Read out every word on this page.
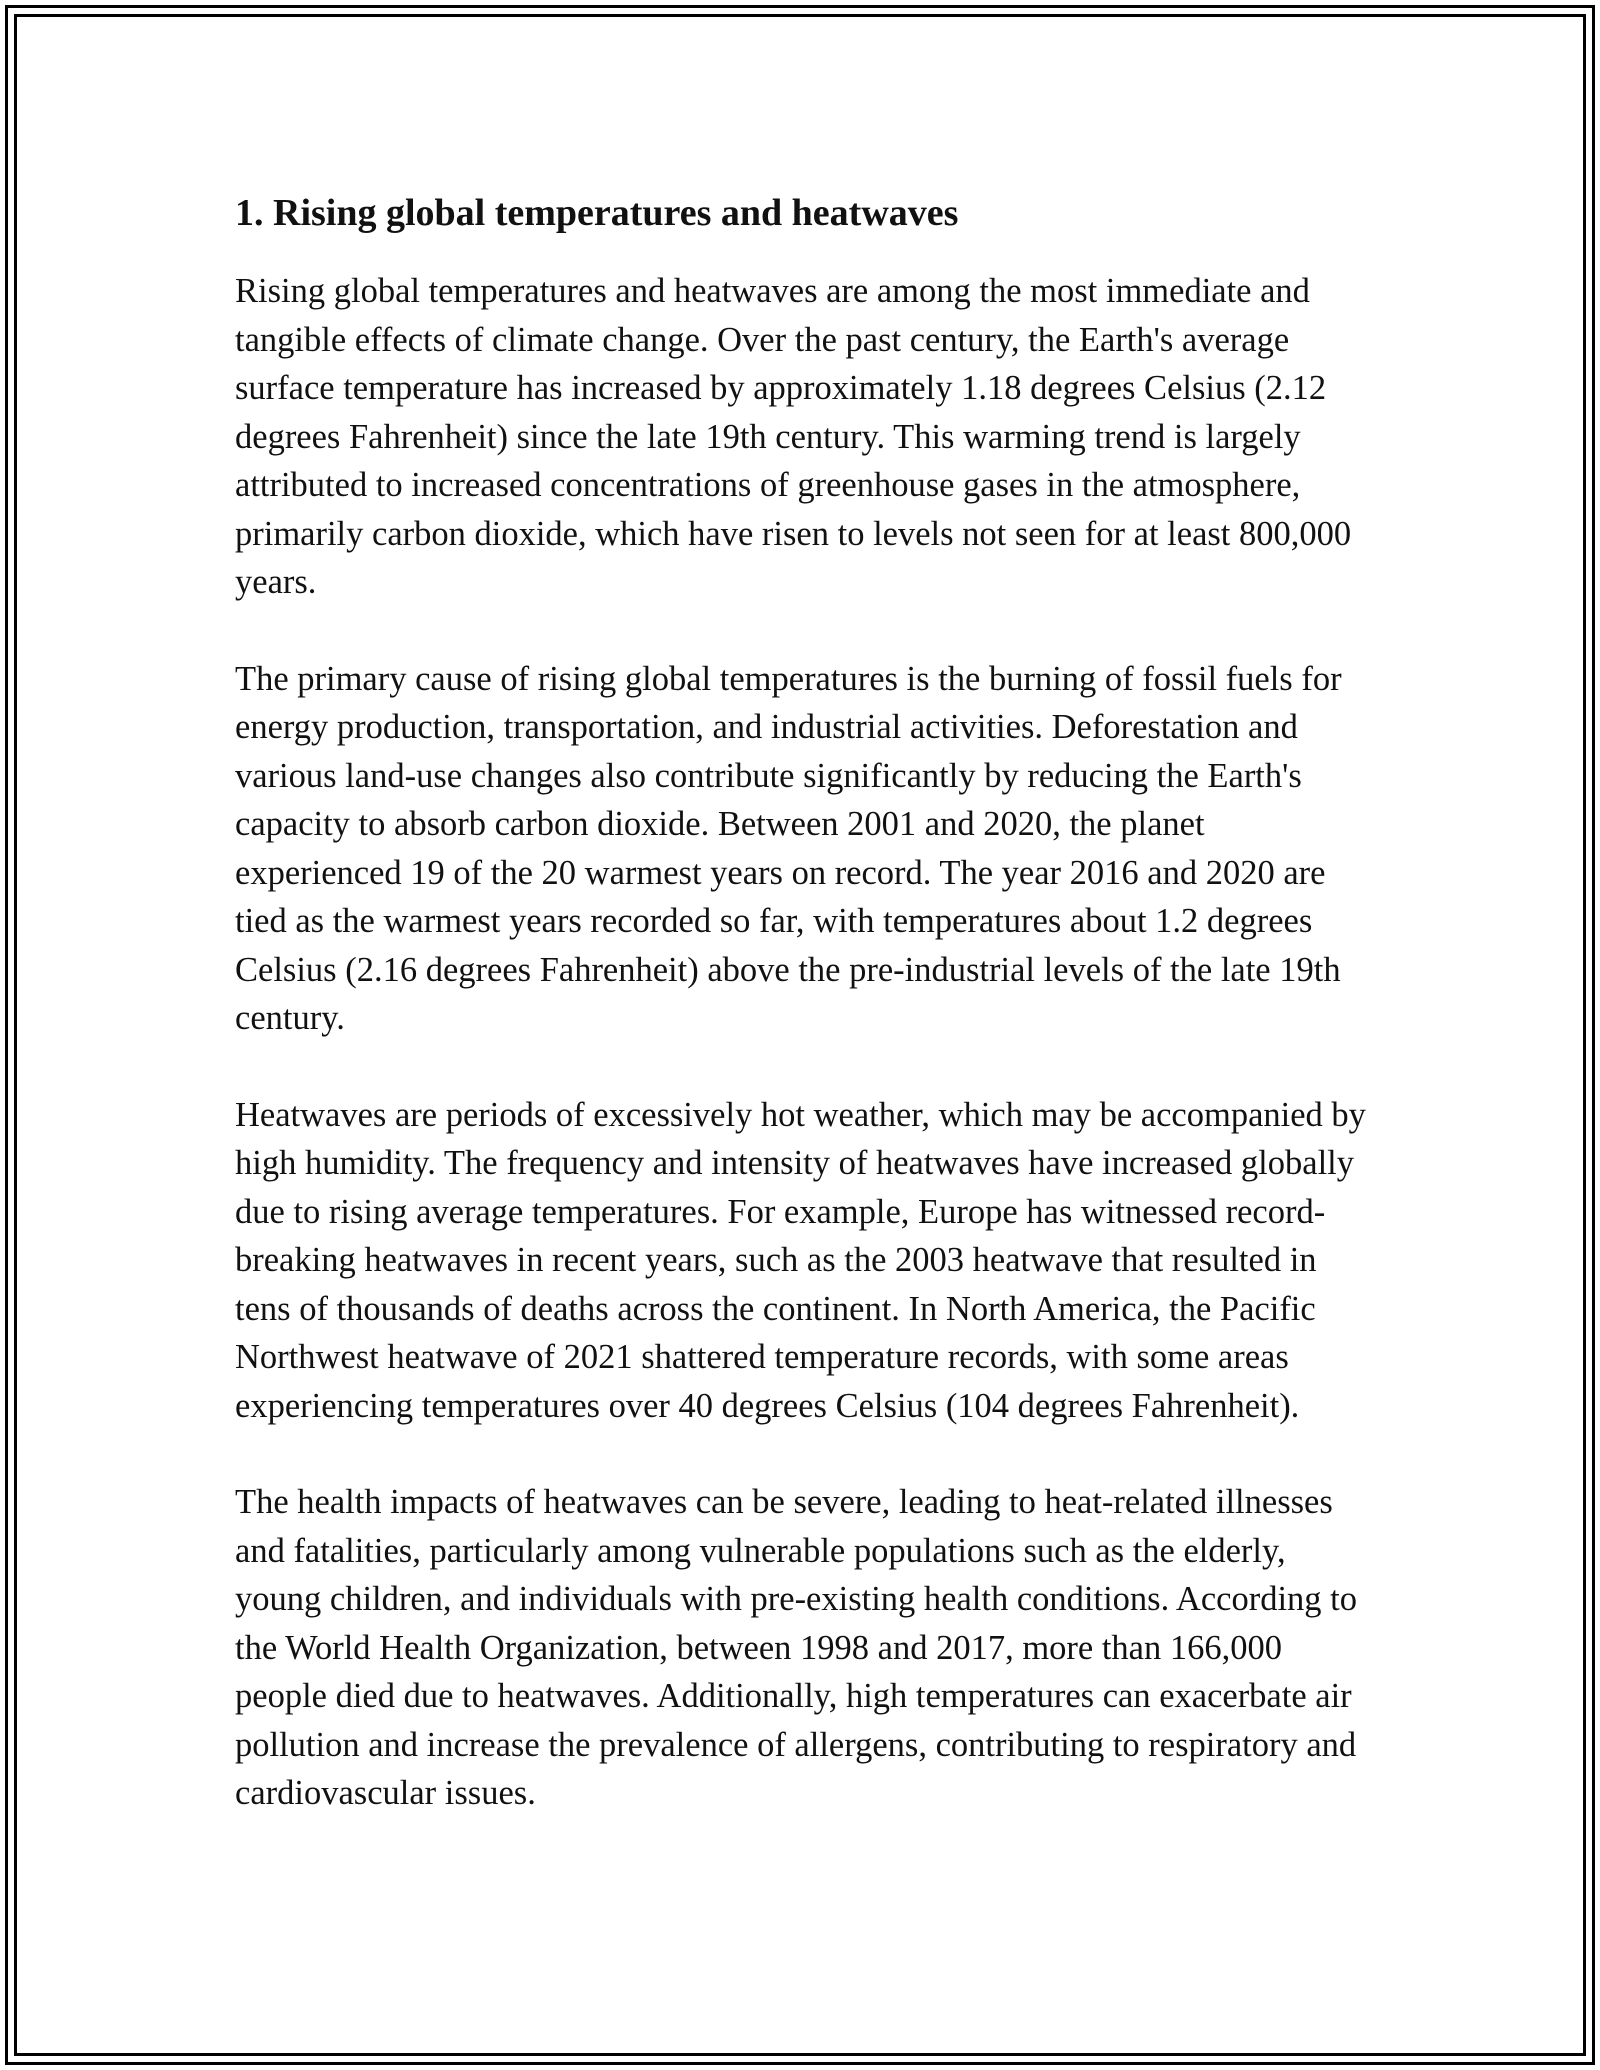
1. Rising global temperatures and heatwaves

Rising global temperatures and heatwaves are among the most immediate and tangible effects of climate change. Over the past century, the Earth's average surface temperature has increased by approximately 1.18 degrees Celsius (2.12 degrees Fahrenheit) since the late 19th century. This warming trend is largely attributed to increased concentrations of greenhouse gases in the atmosphere, primarily carbon dioxide, which have risen to levels not seen for at least 800,000 years.

The primary cause of rising global temperatures is the burning of fossil fuels for energy production, transportation, and industrial activities. Deforestation and various land-use changes also contribute significantly by reducing the Earth's capacity to absorb carbon dioxide. Between 2001 and 2020, the planet experienced 19 of the 20 warmest years on record. The year 2016 and 2020 are tied as the warmest years recorded so far, with temperatures about 1.2 degrees Celsius (2.16 degrees Fahrenheit) above the pre-industrial levels of the late 19th century.

Heatwaves are periods of excessively hot weather, which may be accompanied by high humidity. The frequency and intensity of heatwaves have increased globally due to rising average temperatures. For example, Europe has witnessed record-breaking heatwaves in recent years, such as the 2003 heatwave that resulted in tens of thousands of deaths across the continent. In North America, the Pacific Northwest heatwave of 2021 shattered temperature records, with some areas experiencing temperatures over 40 degrees Celsius (104 degrees Fahrenheit).

The health impacts of heatwaves can be severe, leading to heat-related illnesses and fatalities, particularly among vulnerable populations such as the elderly, young children, and individuals with pre-existing health conditions. According to the World Health Organization, between 1998 and 2017, more than 166,000 people died due to heatwaves. Additionally, high temperatures can exacerbate air pollution and increase the prevalence of allergens, contributing to respiratory and cardiovascular issues.
